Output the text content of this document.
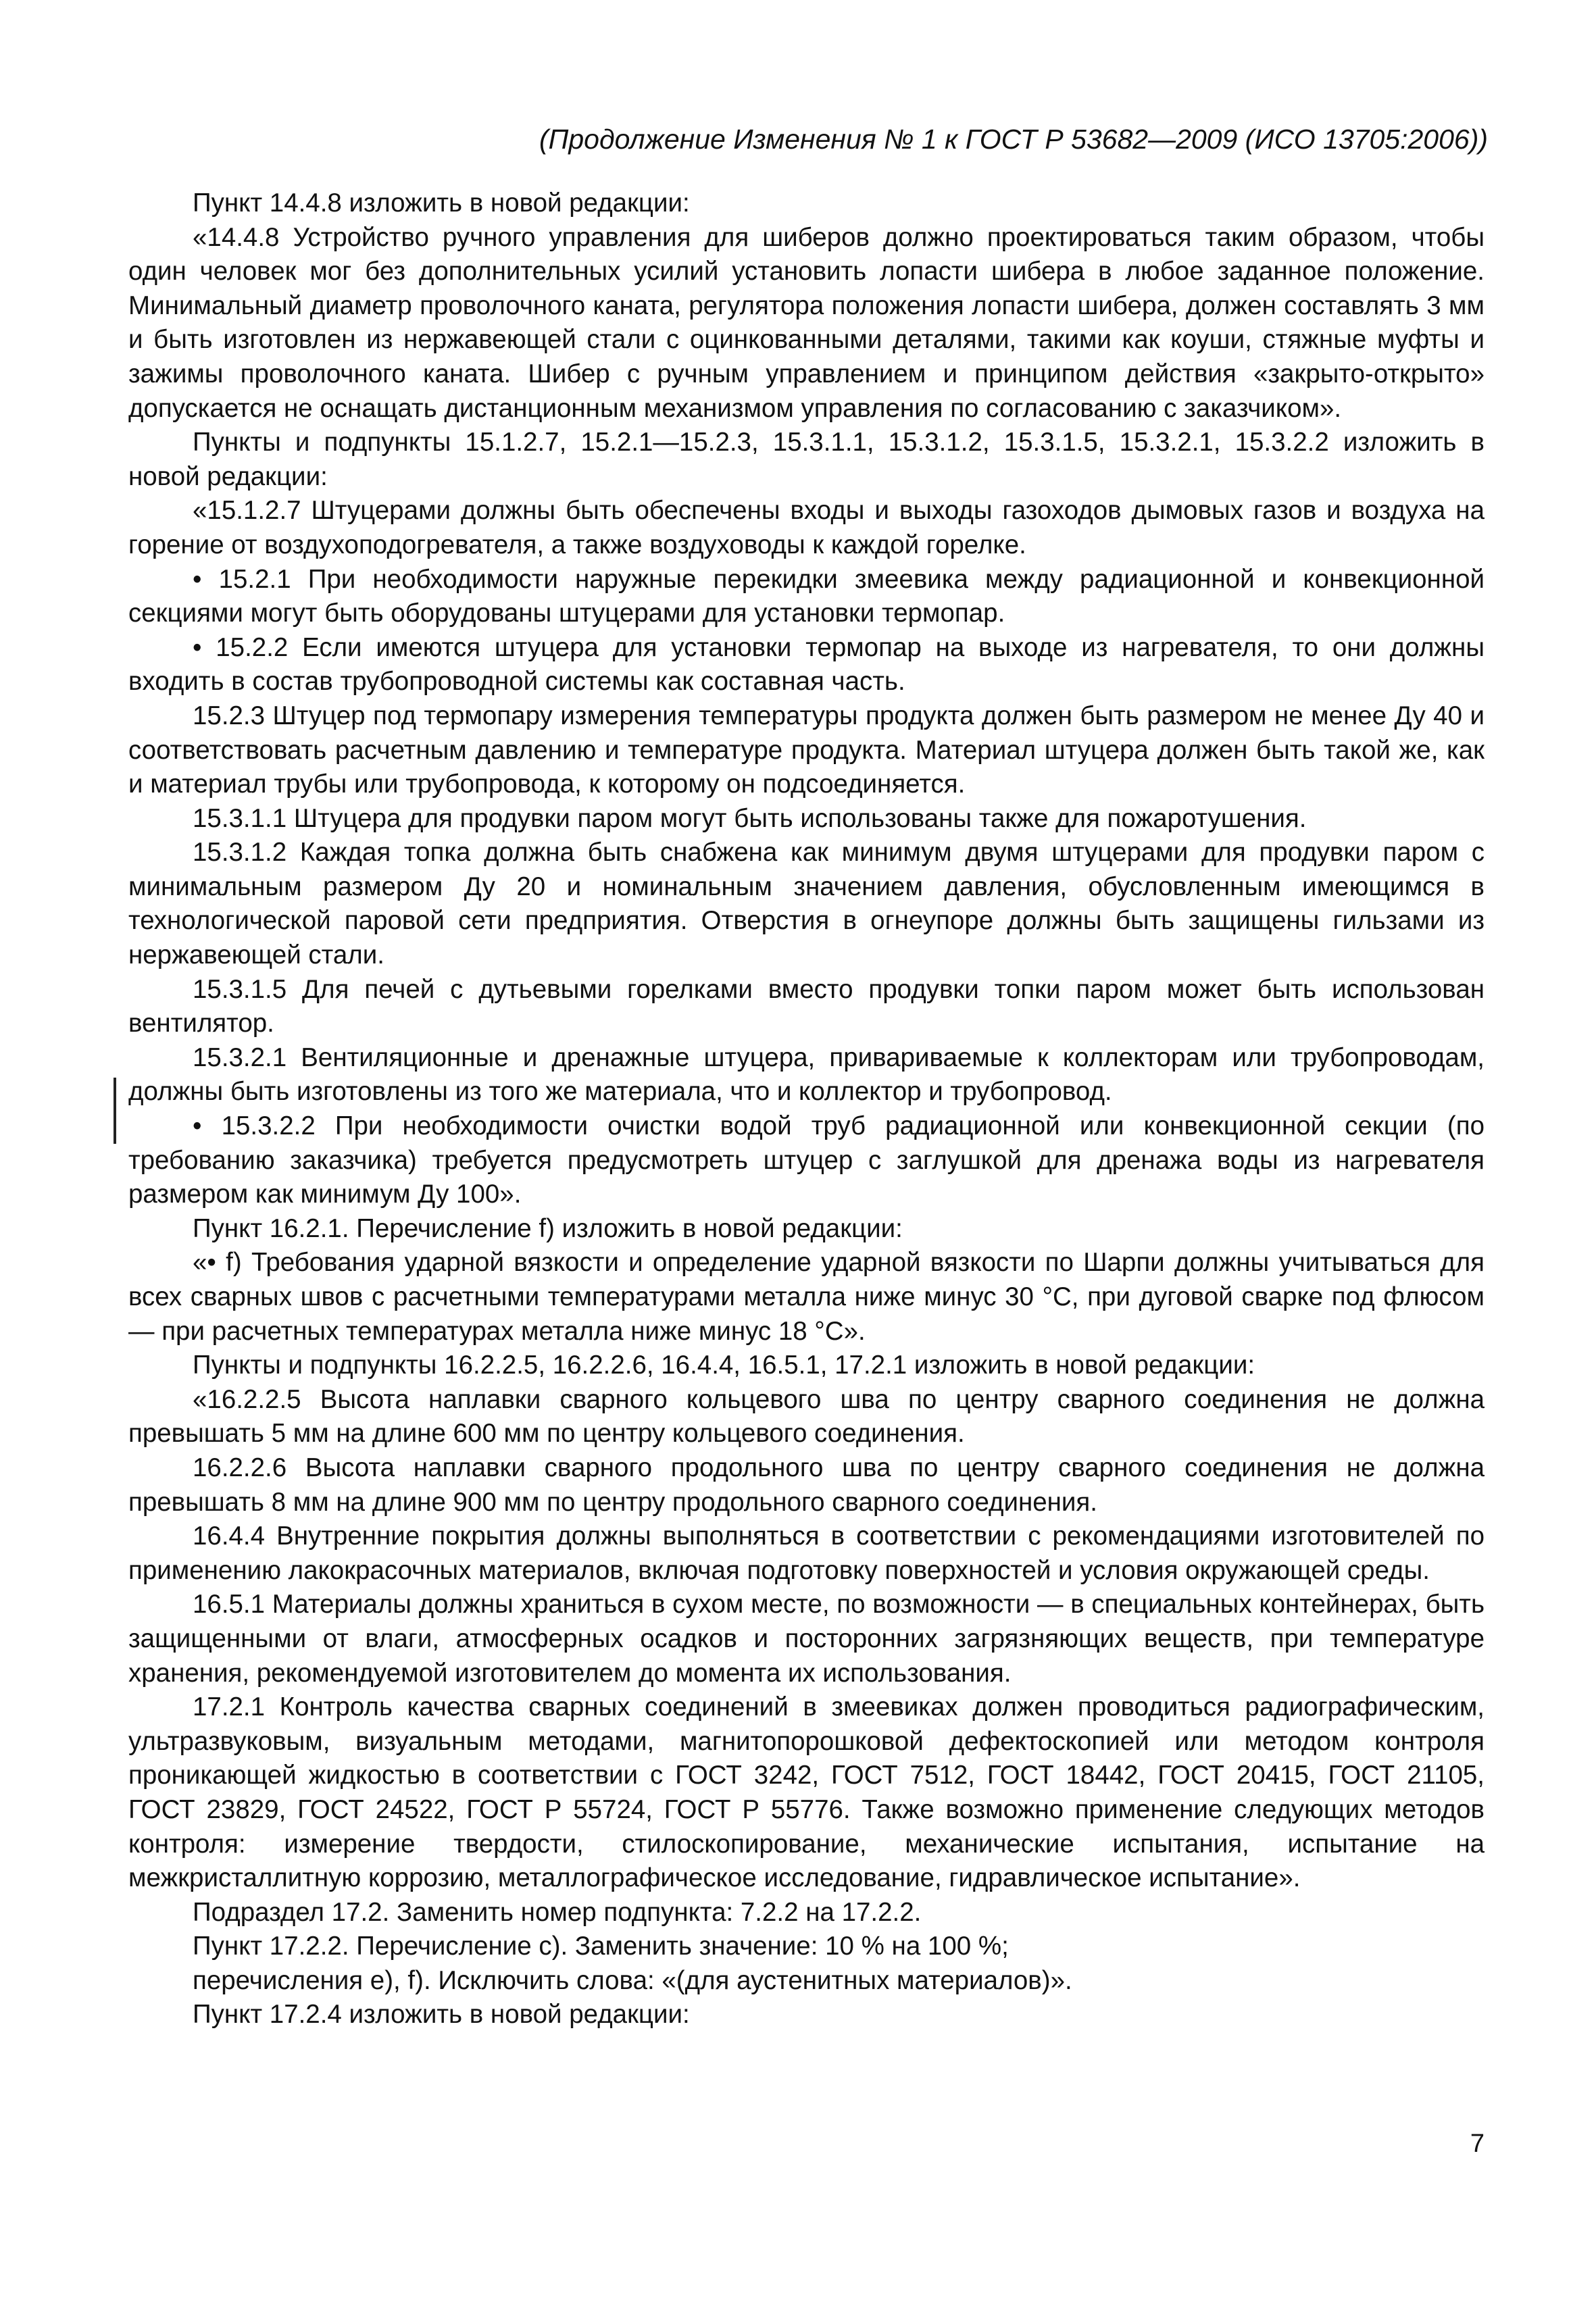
(Продолжение Изменения № 1 к ГОСТ Р 53682—2009 (ИСО 13705:2006))

Пункт 14.4.8 изложить в новой редакции:

«14.4.8 Устройство ручного управления для шиберов должно проектироваться таким образом, чтобы один человек мог без дополнительных усилий установить лопасти шибера в любое заданное положение. Минимальный диаметр проволочного каната, регулятора положения лопасти шибера, должен составлять 3 мм и быть изготовлен из нержавеющей стали с оцинкованными деталями, такими как коуши, стяжные муфты и зажимы проволочного каната. Шибер с ручным управлением и принципом действия «закрыто-открыто» допускается не оснащать дистанционным механизмом управления по согласованию с заказчиком».

Пункты и подпункты 15.1.2.7, 15.2.1—15.2.3, 15.3.1.1, 15.3.1.2, 15.3.1.5, 15.3.2.1, 15.3.2.2 изложить в новой редакции:

«15.1.2.7 Штуцерами должны быть обеспечены входы и выходы газоходов дымовых газов и воздуха на горение от воздухоподогревателя, а также воздуховоды к каждой горелке.

• 15.2.1 При необходимости наружные перекидки змеевика между радиационной и конвекционной секциями могут быть оборудованы штуцерами для установки термопар.

• 15.2.2 Если имеются штуцера для установки термопар на выходе из нагревателя, то они должны входить в состав трубопроводной системы как составная часть.

15.2.3 Штуцер под термопару измерения температуры продукта должен быть размером не менее Ду 40 и соответствовать расчетным давлению и температуре продукта. Материал штуцера должен быть такой же, как и материал трубы или трубопровода, к которому он подсоединяется.

15.3.1.1 Штуцера для продувки паром могут быть использованы также для пожаротушения.

15.3.1.2 Каждая топка должна быть снабжена как минимум двумя штуцерами для продувки паром с минимальным размером Ду 20 и номинальным значением давления, обусловленным имеющимся в технологической паровой сети предприятия. Отверстия в огнеупоре должны быть защищены гильзами из нержавеющей стали.

15.3.1.5 Для печей с дутьевыми горелками вместо продувки топки паром может быть использован вентилятор.

15.3.2.1 Вентиляционные и дренажные штуцера, привариваемые к коллекторам или трубопроводам, должны быть изготовлены из того же материала, что и коллектор и трубопровод.

• 15.3.2.2 При необходимости очистки водой труб радиационной или конвекционной секции (по требованию заказчика) требуется предусмотреть штуцер с заглушкой для дренажа воды из нагревателя размером как минимум Ду 100».

Пункт 16.2.1. Перечисление f) изложить в новой редакции:

«• f) Требования ударной вязкости и определение ударной вязкости по Шарпи должны учитываться для всех сварных швов с расчетными температурами металла ниже минус 30 °С, при дуговой сварке под флюсом — при расчетных температурах металла ниже минус 18 °С».

Пункты и подпункты 16.2.2.5, 16.2.2.6, 16.4.4, 16.5.1, 17.2.1 изложить в новой редакции:

«16.2.2.5 Высота наплавки сварного кольцевого шва по центру сварного соединения не должна превышать 5 мм на длине 600 мм по центру кольцевого соединения.

16.2.2.6 Высота наплавки сварного продольного шва по центру сварного соединения не должна превышать 8 мм на длине 900 мм по центру продольного сварного соединения.

16.4.4 Внутренние покрытия должны выполняться в соответствии с рекомендациями изготовителей по применению лакокрасочных материалов, включая подготовку поверхностей и условия окружающей среды.

16.5.1 Материалы должны храниться в сухом месте, по возможности — в специальных контейнерах, быть защищенными от влаги, атмосферных осадков и посторонних загрязняющих веществ, при температуре хранения, рекомендуемой изготовителем до момента их использования.

17.2.1 Контроль качества сварных соединений в змеевиках должен проводиться радиографическим, ультразвуковым, визуальным методами, магнитопорошковой дефектоскопией или методом контроля проникающей жидкостью в соответствии с ГОСТ 3242, ГОСТ 7512, ГОСТ 18442, ГОСТ 20415, ГОСТ 21105, ГОСТ 23829, ГОСТ 24522, ГОСТ Р 55724, ГОСТ Р 55776. Также возможно применение следующих методов контроля: измерение твердости, стилоскопирование, механические испытания, испытание на межкристаллитную коррозию, металлографическое исследование, гидравлическое испытание».

Подраздел 17.2. Заменить номер подпункта: 7.2.2 на 17.2.2.

Пункт 17.2.2. Перечисление с). Заменить значение: 10 % на 100 %;

перечисления е), f). Исключить слова: «(для аустенитных материалов)».

Пункт 17.2.4 изложить в новой редакции:

7
